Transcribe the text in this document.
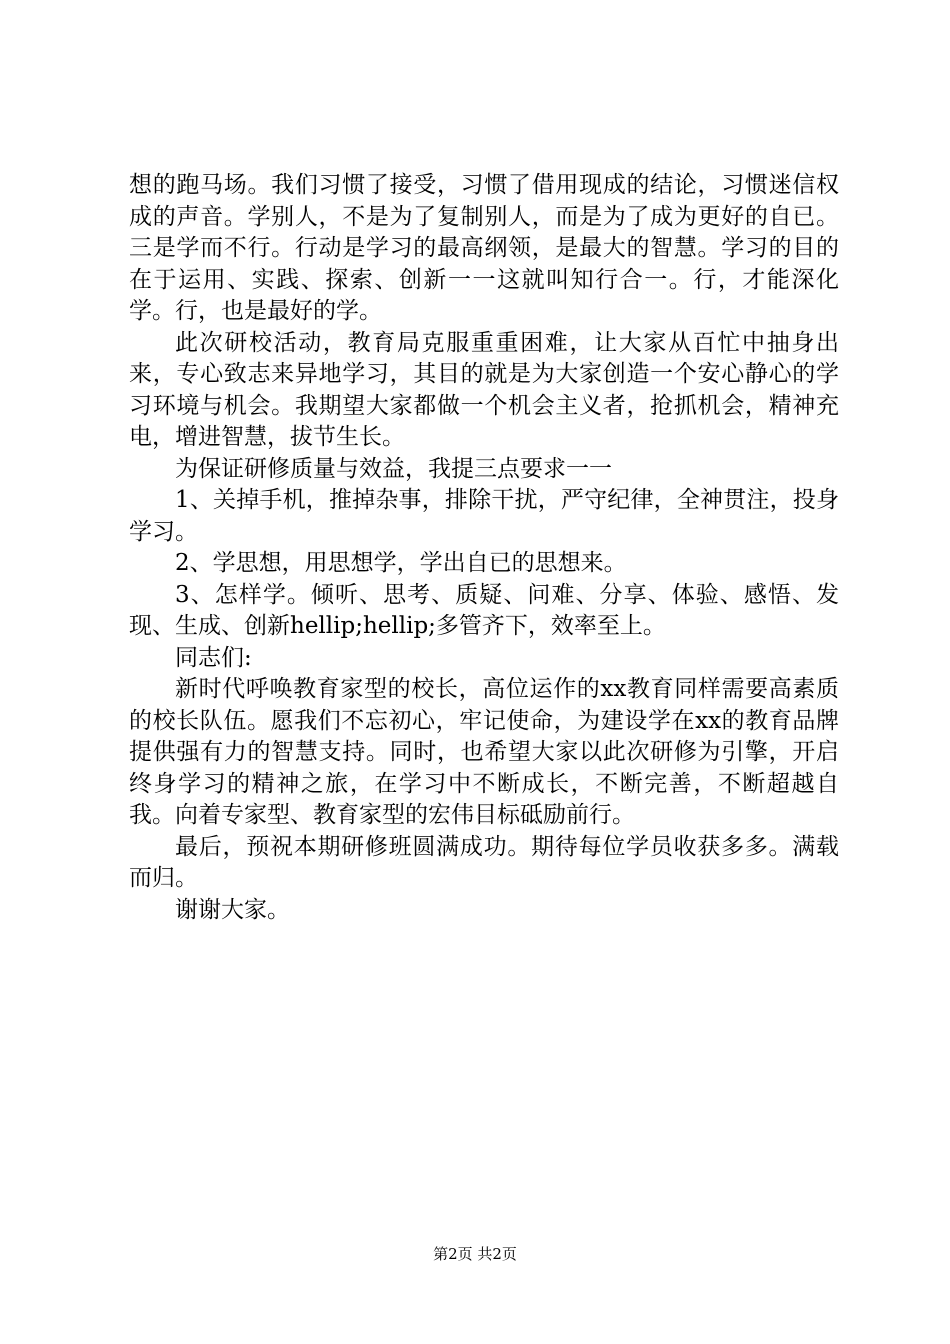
想的跑马场。我们习惯了接受，习惯了借用现成的结论，习惯迷信权成的声音。学别人，不是为了复制别人，而是为了成为更好的自已。三是学而不行。行动是学习的最高纲领，是最大的智慧。学习的目的在于运用、实践、探索、创新一一这就叫知行合一。行，才能深化学。行，也是最好的学。

此次研校活动，教育局克服重重困难，让大家从百忙中抽身出来，专心致志来异地学习，其目的就是为大家创造一个安心静心的学习环境与机会。我期望大家都做一个机会主义者，抢抓机会，精神充电，增进智慧，拔节生长。

为保证研修质量与效益，我提三点要求一一

1、关掉手机，推掉杂事，排除干扰，严守纪律，全神贯注，投身学习。

2、学思想，用思想学，学出自已的思想来。

3、怎样学。倾听、思考、质疑、问难、分享、体验、感悟、发现、生成、创新hellip;hellip;多管齐下，效率至上。

同志们:

新时代呼唤教育家型的校长，高位运作的xx教育同样需要高素质的校长队伍。愿我们不忘初心，牢记使命，为建设学在xx的教育品牌提供强有力的智慧支持。同时，也希望大家以此次研修为引擎，开启终身学习的精神之旅，在学习中不断成长，不断完善，不断超越自我。向着专家型、教育家型的宏伟目标砥励前行。

最后，预祝本期研修班圆满成功。期待每位学员收获多多。满载而归。

谢谢大家。

第2页 共2页
